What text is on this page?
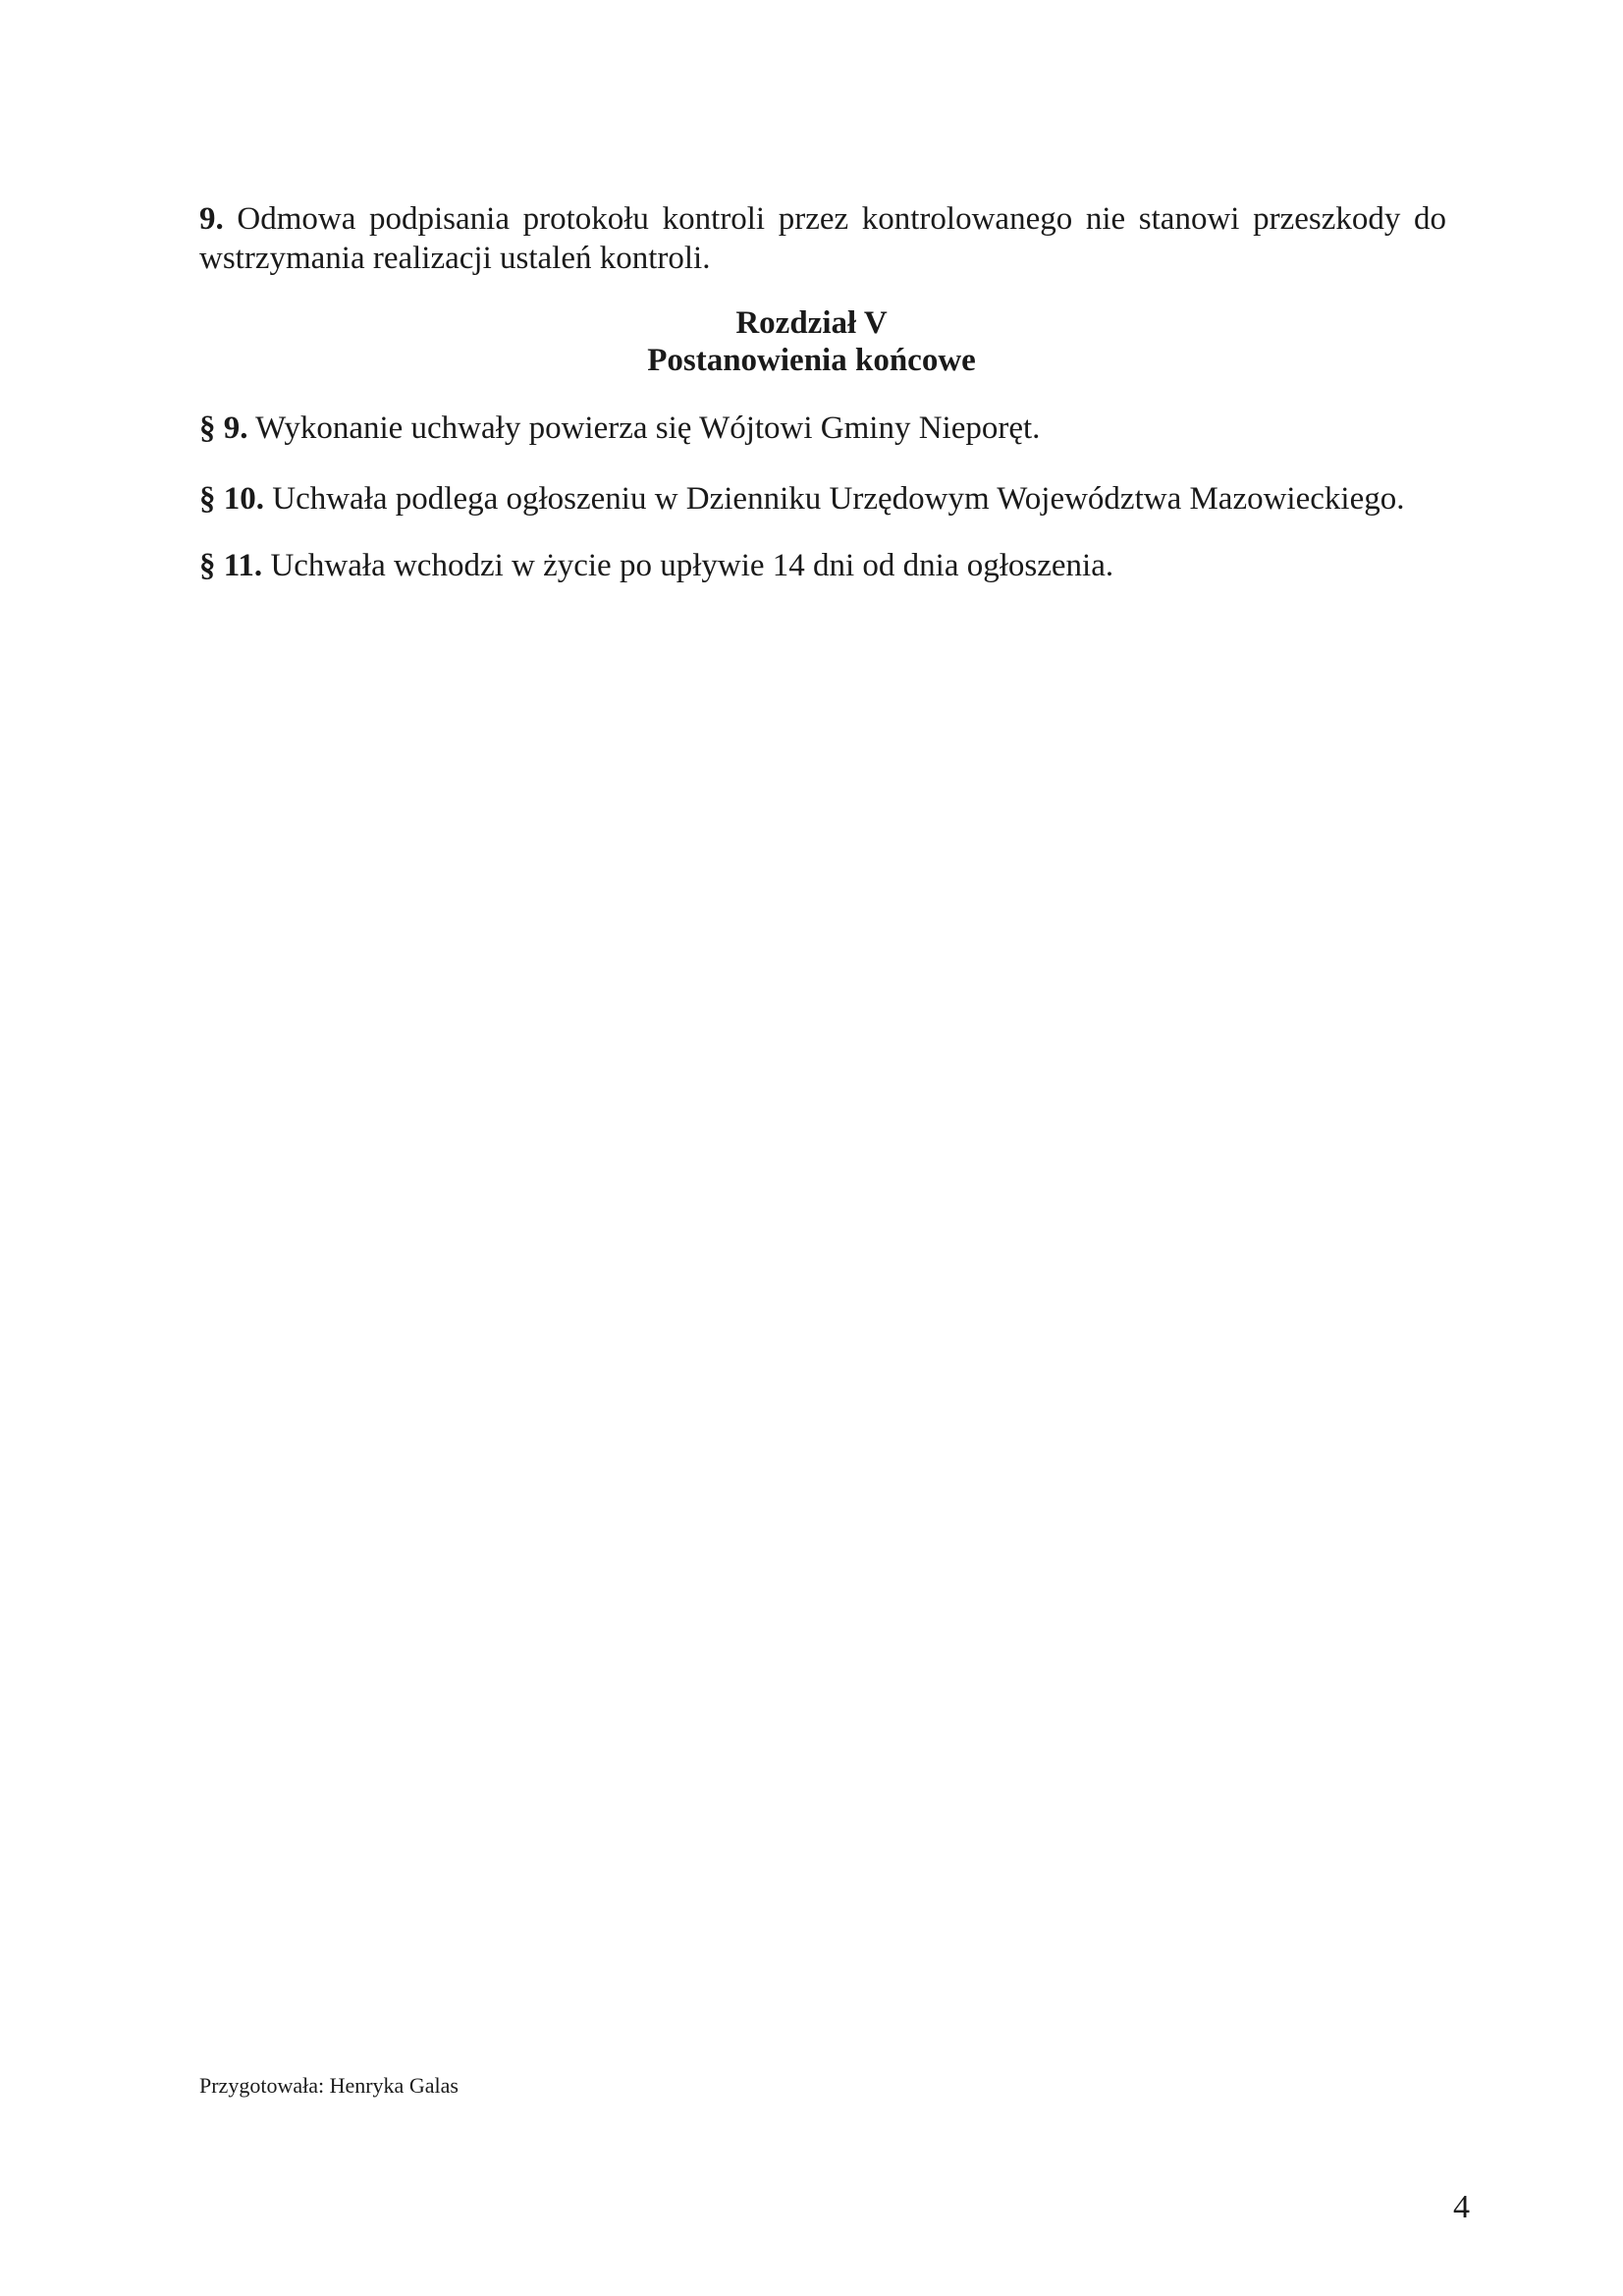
9. Odmowa podpisania protokołu kontroli przez kontrolowanego nie stanowi przeszkody do wstrzymania realizacji ustaleń kontroli.
Rozdział V
Postanowienia końcowe
§ 9. Wykonanie uchwały powierza się Wójtowi Gminy Nieporęt.
§ 10. Uchwała podlega ogłoszeniu w Dzienniku Urzędowym Województwa Mazowieckiego.
§ 11. Uchwała wchodzi w życie po upływie 14 dni od dnia ogłoszenia.
Przygotowała: Henryka Galas
4
